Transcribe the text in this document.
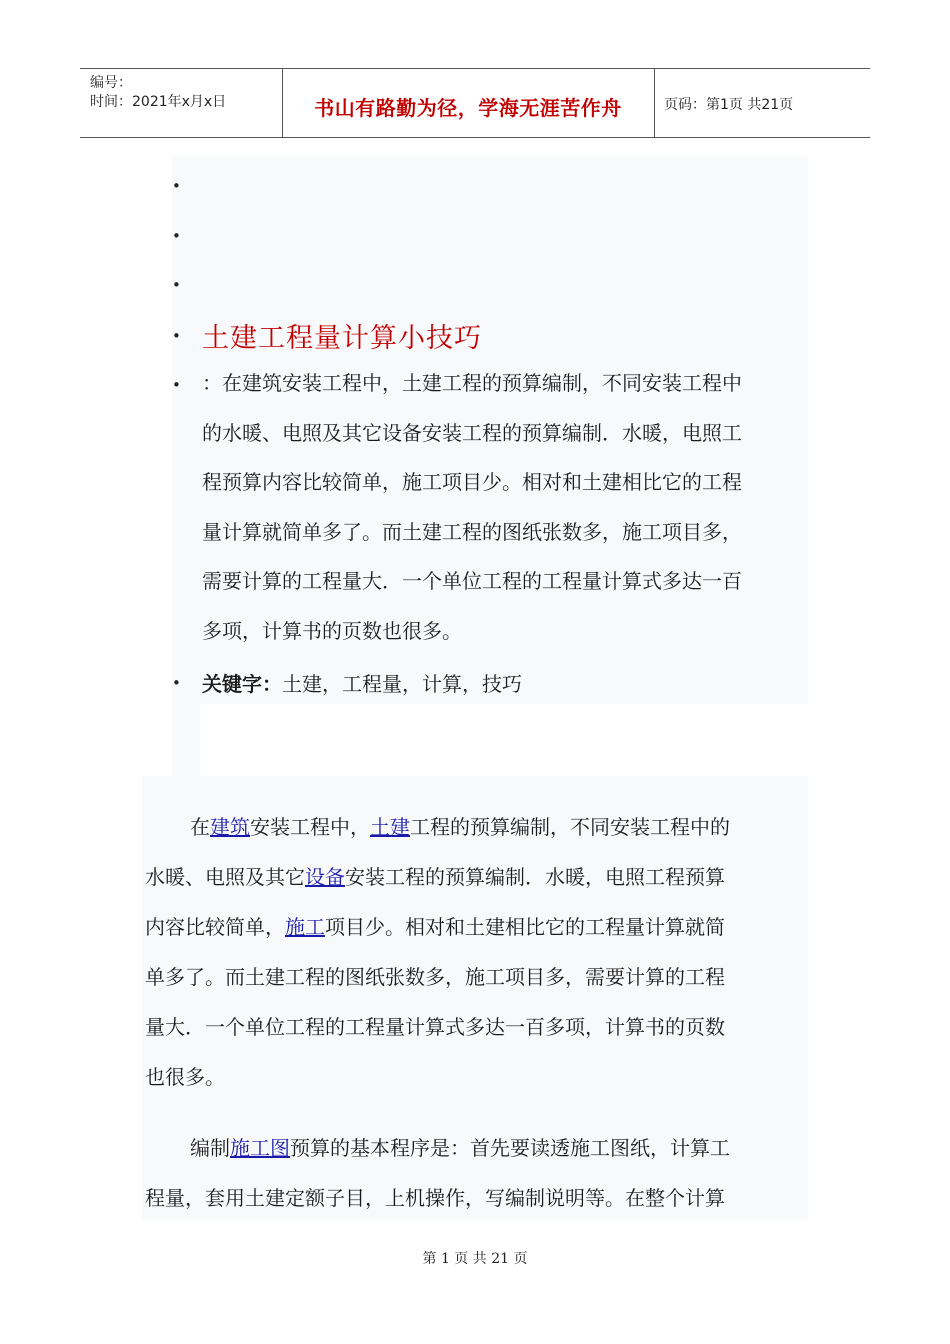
编号：
时间：2021年x月x日	书山有路勤为径，学海无涯苦作舟	页码：第1页 共21页
•
•
•
•
•
•
土建工程量计算小技巧

：在建筑安装工程中，土建工程的预算编制，不同安装工程中

的水暖、电照及其它设备安装工程的预算编制．水暖，电照工

程预算内容比较简单，施工项目少。相对和土建相比它的工程

量计算就简单多了。而土建工程的图纸张数多，施工项目多，

需要计算的工程量大．一个单位工程的工程量计算式多达一百

多项，计算书的页数也很多。

关键字：土建，工程量，计算，技巧

在建筑安装工程中，土建工程的预算编制，不同安装工程中的

水暖、电照及其它设备安装工程的预算编制．水暖，电照工程预算

内容比较简单，施工项目少。相对和土建相比它的工程量计算就简

单多了。而土建工程的图纸张数多，施工项目多，需要计算的工程

量大．一个单位工程的工程量计算式多达一百多项，计算书的页数

也很多。

编制施工图预算的基本程序是：首先要读透施工图纸，计算工

程量，套用土建定额子目，上机操作，写编制说明等。在整个计算

第 1 页 共 21 页
